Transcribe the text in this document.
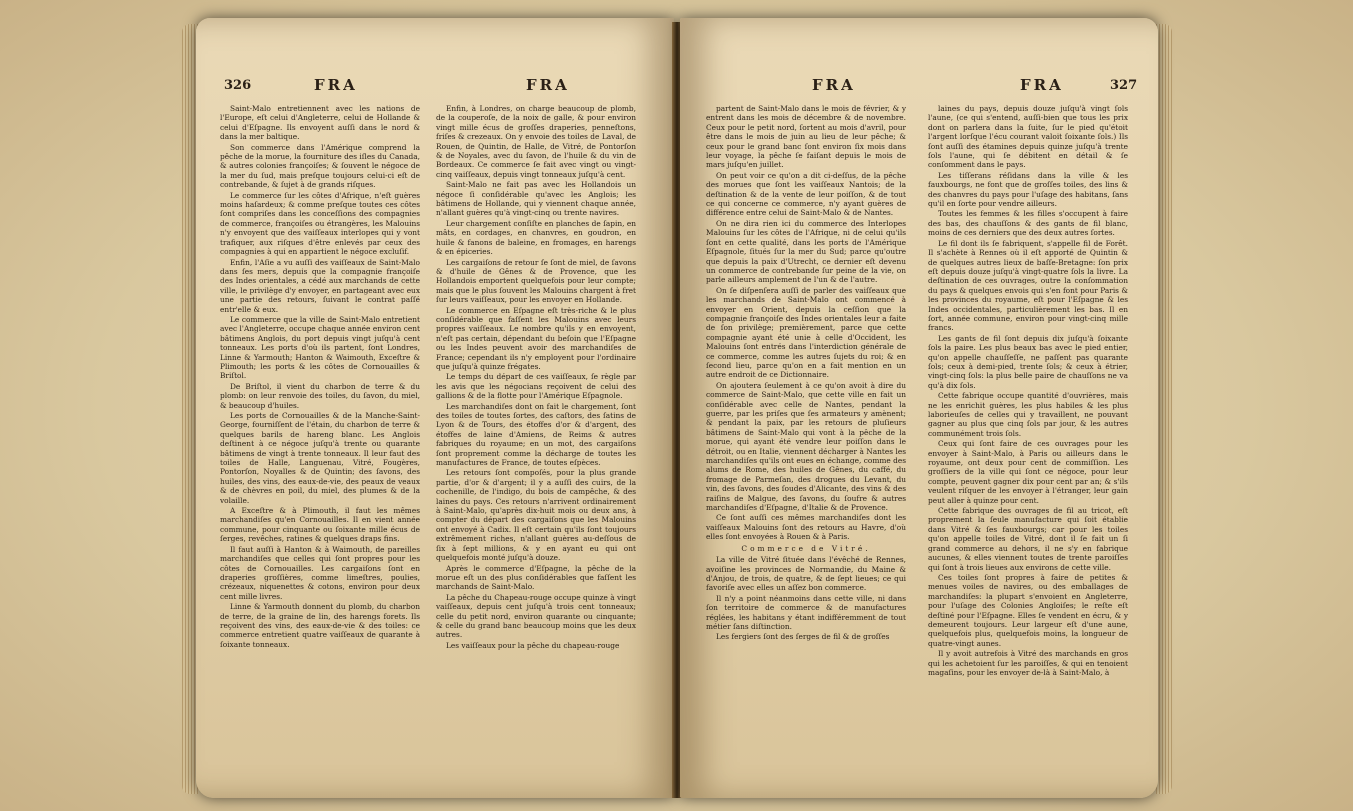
326	FRA	FRA

Saint-Malo entretiennent avec les nations de l'Europe, eſt celui d'Angleterre, celui de Hollande & celui d'Eſpagne. Ils envoyent auſſi dans le nord & dans la mer baltique.

Son commerce dans l'Amérique comprend la pêche de la morue, la fourniture des iſles du Canada, & autres colonies françoiſes; & ſouvent le négoce de la mer du ſud, mais preſque toujours celui-ci eſt de contrebande, & ſujet à de grands riſques.

Le commerce ſur les côtes d'Afrique, n'eſt guères moins haſardeux; & comme preſque toutes ces côtes ſont compriſes dans les conceſſions des compagnies de commerce, françoiſes ou étrangères, les Malouins n'y envoyent que des vaiſſeaux interlopes qui y vont trafiquer, aux riſques d'être enlevés par ceux des compagnies à qui en appartient le négoce excluſif.

Enfin, l'Aſie a vu auſſi des vaiſſeaux de Saint-Malo dans ſes mers, depuis que la compagnie françoiſe des Indes orientales, a cédé aux marchands de cette ville, le privilège d'y envoyer, en partageant avec eux une partie des retours, ſuivant le contrat paſſé entr'elle & eux.

Le commerce que la ville de Saint-Malo entretient avec l'Angleterre, occupe chaque année environ cent bâtimens Anglois, du port depuis vingt juſqu'à cent tonneaux. Les ports d'où ils partent, ſont Londres, Linne & Yarmouth; Hanton & Waimouth, Exceſtre & Plimouth; les ports & les côtes de Cornouailles & Briſtol.

De Briſtol, il vient du charbon de terre & du plomb: on leur renvoie des toiles, du ſavon, du miel, & beaucoup d'huiles.

Les ports de Cornouailles & de la Manche-Saint-George, fourniſſent de l'étain, du charbon de terre & quelques barils de hareng blanc. Les Anglois deſtinent à ce négoce juſqu'à trente ou quarante bâtimens de vingt à trente tonneaux. Il leur faut des toiles de Halle, Languenau, Vitré, Fougères, Pontorſon, Noyalles & de Quintin; des ſavons, des huiles, des vins, des eaux-de-vie, des peaux de veaux & de chèvres en poil, du miel, des plumes & de la volaille.

A Exceſtre & à Plimouth, il faut les mêmes marchandiſes qu'en Cornouailles. Il en vient année commune, pour cinquante ou ſoixante mille écus de ſerges, revêches, ratines & quelques draps fins.

Il faut auſſi à Hanton & à Waimouth, de pareilles marchandiſes que celles qui ſont propres pour les côtes de Cornouailles. Les cargaiſons ſont en draperies groſſières, comme limeſtres, poulies, crézeaux, niquenettes & cotons, environ pour deux cent mille livres.

Linne & Yarmouth donnent du plomb, du charbon de terre, de la graine de lin, des harengs forets. Ils reçoivent des vins, des eaux-de-vie & des toiles: ce commerce entretient quatre vaiſſeaux de quarante à ſoixante tonneaux.

Enfin, à Londres, on charge beaucoup de plomb, de la couperoſe, de la noix de galle, & pour environ vingt mille écus de groſſes draperies, penneſtons, friſes & crezeaux. On y envoie des toiles de Laval, de Rouen, de Quintin, de Halle, de Vitré, de Pontorſon & de Noyales, avec du ſavon, de l'huile & du vin de Bordeaux. Ce commerce ſe fait avec vingt ou vingt-cinq vaiſſeaux, depuis vingt tonneaux juſqu'à cent.

Saint-Malo ne fait pas avec les Hollandois un négoce ſi conſidérable qu'avec les Anglois; les bâtimens de Hollande, qui y viennent chaque année, n'allant guères qu'à vingt-cinq ou trente navires.

Leur chargement conſiſte en planches de ſapin, en mâts, en cordages, en chanvres, en goudron, en huile & fanons de baleine, en fromages, en harengs & en épiceries.

Les cargaiſons de retour ſe ſont de miel, de ſavons & d'huile de Gênes & de Provence, que les Hollandois emportent quelquefois pour leur compte; mais que le plus ſouvent les Malouins chargent à fret ſur leurs vaiſſeaux, pour les envoyer en Hollande.

Le commerce en Eſpagne eſt très-riche & le plus conſidérable que faſſent les Malouins avec leurs propres vaiſſeaux. Le nombre qu'ils y en envoyent, n'eſt pas certain, dépendant du beſoin que l'Eſpagne ou les Indes peuvent avoir des marchandiſes de France; cependant ils n'y employent pour l'ordinaire que juſqu'à quinze frégates.

Le temps du départ de ces vaiſſeaux, ſe règle par les avis que les négocians reçoivent de celui des gallions & de la flotte pour l'Amérique Eſpagnole.

Les marchandiſes dont on fait le chargement, ſont des toiles de toutes ſortes, des caſtors, des ſatins de Lyon & de Tours, des étoffes d'or & d'argent, des étoffes de laine d'Amiens, de Reims & autres fabriques du royaume; en un mot, des cargaiſons ſont proprement comme la décharge de toutes les manufactures de France, de toutes eſpèces.

Les retours ſont compoſés, pour la plus grande partie, d'or & d'argent; il y a auſſi des cuirs, de la cochenille, de l'indigo, du bois de campêche, & des laines du pays. Ces retours n'arrivent ordinairement à Saint-Malo, qu'après dix-huit mois ou deux ans, à compter du départ des cargaiſons que les Malouins ont envoyé à Cadix. Il eſt certain qu'ils ſont toujours extrêmement riches, n'allant guères au-deſſous de ſix à ſept millions, & y en ayant eu qui ont quelquefois monté juſqu'à douze.

Après le commerce d'Eſpagne, la pêche de la morue eſt un des plus conſidérables que faſſent les marchands de Saint-Malo.

La pêche du Chapeau-rouge occupe quinze à vingt vaiſſeaux, depuis cent juſqu'à trois cent tonneaux; celle du petit nord, environ quarante ou cinquante; & celle du grand banc beaucoup moins que les deux autres.

Les vaiſſeaux pour la pêche du chapeau-rouge

FRA	FRA	327

partent de Saint-Malo dans le mois de février, & y entrent dans les mois de décembre & de novembre. Ceux pour le petit nord, ſortent au mois d'avril, pour être dans le mois de juin au lieu de leur pêche; & ceux pour le grand banc ſont environ ſix mois dans leur voyage, la pêche ſe faiſant depuis le mois de mars juſqu'en juillet.

On peut voir ce qu'on a dit ci-deſſus, de la pêche des morues que ſont les vaiſſeaux Nantois; de la deſtination & de la vente de leur poiſſon, & de tout ce qui concerne ce commerce, n'y ayant guères de différence entre celui de Saint-Malo & de Nantes.

On ne dira rien ici du commerce des Interlopes Malouins ſur les côtes de l'Afrique, ni de celui qu'ils ſont en cette qualité, dans les ports de l'Amérique Eſpagnole, ſitués ſur la mer du Sud; parce qu'outre que depuis la paix d'Utrecht, ce dernier eſt devenu un commerce de contrebande ſur peine de la vie, on parle ailleurs amplement de l'un & de l'autre.

On ſe diſpenſera auſſi de parler des vaiſſeaux que les marchands de Saint-Malo ont commencé à envoyer en Orient, depuis la ceſſion que la compagnie françoiſe des Indes orientales leur a faite de ſon privilège; premièrement, parce que cette compagnie ayant été unie à celle d'Occident, les Malouins ſont entrés dans l'interdiction générale de ce commerce, comme les autres ſujets du roi; & en ſecond lieu, parce qu'on en a fait mention en un autre endroit de ce Dictionnaire.

On ajoutera ſeulement à ce qu'on avoit à dire du commerce de Saint-Malo, que cette ville en fait un conſidérable avec celle de Nantes, pendant la guerre, par les priſes que ſes armateurs y amènent; & pendant la paix, par les retours de pluſieurs bâtimens de Saint-Malo qui vont à la pêche de la morue, qui ayant été vendre leur poiſſon dans le détroit, ou en Italie, viennent décharger à Nantes les marchandiſes qu'ils ont eues en échange, comme des alums de Rome, des huiles de Gênes, du caffé, du fromage de Parmeſan, des drogues du Levant, du vin, des ſavons, des ſoudes d'Alicante, des vins & des raiſins de Malgue, des ſavons, du ſoufre & autres marchandiſes d'Eſpagne, d'Italie & de Provence.

Ce ſont auſſi ces mêmes marchandiſes dont les vaiſſeaux Malouins ſont des retours au Havre, d'où elles ſont envoyées à Rouen & à Paris.

Commerce de Vitré.

La ville de Vitré ſituée dans l'évêché de Rennes, avoiſine les provinces de Normandie, du Maine & d'Anjou, de trois, de quatre, & de ſept lieues; ce qui favoriſe avec elles un aſſez bon commerce.

Il n'y a point néanmoins dans cette ville, ni dans ſon territoire de commerce & de manufactures réglées, les habitans y étant indifféremment de tout métier ſans diſtinction.

Les fergiers ſont des ſerges de fil & de groſſes

laines du pays, depuis douze juſqu'à vingt ſols l'aune, (ce qui s'entend, auſſi-bien que tous les prix dont on parlera dans la ſuite, ſur le pied qu'étoit l'argent lorſque l'écu courant valoit ſoixante ſols.) Ils ſont auſſi des étamines depuis quinze juſqu'à trente ſols l'aune, qui ſe débitent en détail & ſe conſomment dans le pays.

Les tiſſerans réſidans dans la ville & les fauxbourgs, ne font que de groſſes toiles, des lins & des chanvres du pays pour l'uſage des habitans, ſans qu'il en ſorte pour vendre ailleurs.

Toutes les femmes & les filles s'occupent à faire des bas, des chauſſons & des gants de fil blanc, moins de ces derniers que des deux autres ſortes.

Le fil dont ils ſe fabriquent, s'appelle fil de Forêt. Il s'achète à Rennes où il eſt apporté de Quintin & de quelques autres lieux de baſſe-Bretagne: ſon prix eſt depuis douze juſqu'à vingt-quatre ſols la livre. La deſtination de ces ouvrages, outre la conſommation du pays & quelques envois qui s'en font pour Paris & les provinces du royaume, eſt pour l'Eſpagne & les Indes occidentales, particulièrement les bas. Il en ſort, année commune, environ pour vingt-cinq mille francs.

Les gants de fil ſont depuis dix juſqu'à ſoixante ſols la paire. Les plus beaux bas avec le pied entier, qu'on appelle chauſſeſſe, ne paſſent pas quarante ſols; ceux à demi-pied, trente ſols; & ceux à étrier, vingt-cinq ſols: la plus belle paire de chauſſons ne va qu'à dix ſols.

Cette fabrique occupe quantité d'ouvrières, mais ne les enrichit guères, les plus habiles & les plus laborieuſes de celles qui y travaillent, ne pouvant gagner au plus que cinq ſols par jour, & les autres communément trois ſols.

Ceux qui ſont faire de ces ouvrages pour les envoyer à Saint-Malo, à Paris ou ailleurs dans le royaume, ont deux pour cent de commiſſion. Les groſſiers de la ville qui ſont ce négoce, pour leur compte, peuvent gagner dix pour cent par an; & s'ils veulent riſquer de les envoyer à l'étranger, leur gain peut aller à quinze pour cent.

Cette fabrique des ouvrages de fil au tricot, eſt proprement la ſeule manufacture qui ſoit établie dans Vitré & ſes fauxbourgs; car pour les toiles qu'on appelle toiles de Vitré, dont il ſe fait un ſi grand commerce au dehors, il ne s'y en fabrique aucunes, & elles viennent toutes de trente paroiſſes qui ſont à trois lieues aux environs de cette ville.

Ces toiles ſont propres à faire de petites & menues voiles de navires, ou des emballages de marchandiſes: la plupart s'envoient en Angleterre, pour l'uſage des Colonies Angloiſes; le reſte eſt deſtiné pour l'Eſpagne. Elles ſe vendent en écru, & y demeurent toujours. Leur largeur eſt d'une aune, quelquefois plus, quelquefois moins, la longueur de quatre-vingt aunes.

Il y avoit autrefois à Vitré des marchands en gros qui les achetoient ſur les paroiſſes, & qui en tenoient magaſins, pour les envoyer de-là à Saint-Malo, à
